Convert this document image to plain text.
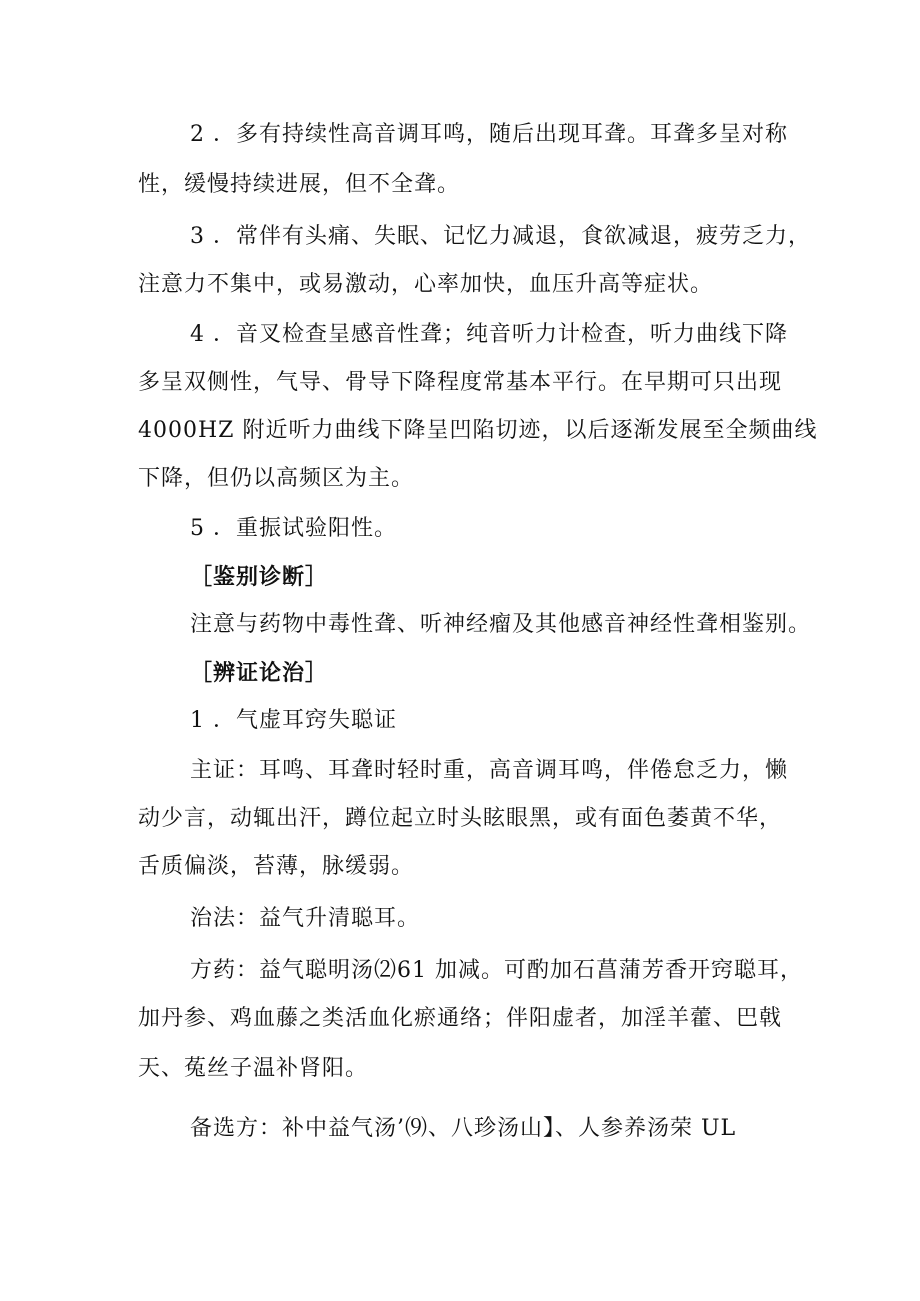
2 ．多有持续性高音调耳鸣，随后出现耳聋。耳聋多呈对称
性，缓慢持续进展，但不全聋。
3 ．常伴有头痛、失眠、记忆力减退，食欲减退，疲劳乏力，
注意力不集中，或易激动，心率加快，血压升高等症状。
4 ．音叉检查呈感音性聋；纯音听力计检查，听力曲线下降
多呈双侧性，气导、骨导下降程度常基本平行。在早期可只出现
4000HZ 附近听力曲线下降呈凹陷切迹，以后逐渐发展至全频曲线
下降，但仍以高频区为主。
5 ．重振试验阳性。
［鉴别诊断］
注意与药物中毒性聋、听神经瘤及其他感音神经性聋相鉴别。
［辨证论治］
1 ．气虚耳窍失聪证
主证：耳鸣、耳聋时轻时重，高音调耳鸣，伴倦怠乏力，懒
动少言，动辄出汗，蹲位起立时头眩眼黑，或有面色萎黄不华，
舌质偏淡，苔薄，脉缓弱。
治法：益气升清聪耳。
方药：益气聪明汤⑵61 加减。可酌加石菖蒲芳香开窍聪耳，
加丹参、鸡血藤之类活血化瘀通络；伴阳虚者，加淫羊藿、巴戟
天、菟丝子温补肾阳。
备选方：补中益气汤’⑼、八珍汤山】、人参养汤荣 UL
